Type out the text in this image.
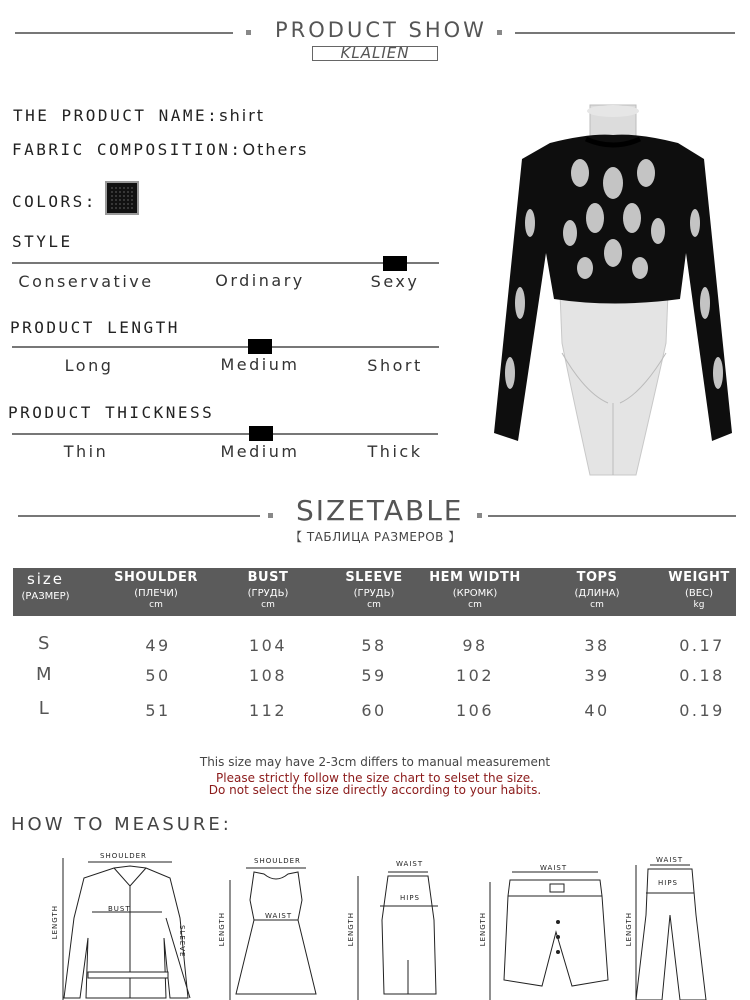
PRODUCT SHOW
KLALIEN
THE PRODUCT NAME:shirt
FABRIC COMPOSITION:Others
COLORS:
STYLE
Conservative	Ordinary	Sexy
PRODUCT LENGTH
Long	Medium	Short
PRODUCT THICKNESS
Thin	Medium	Thick
SIZETABLE
【 ТАБЛИЦА РАЗМЕРОВ 】
size
(РАЗМЕР)
SHOULDER
(ПЛЕЧИ)
cm
BUST
(ГРУДЬ)
cm
SLEEVE
(ГРУДЬ)
cm
HEM WIDTH
(КРОМК)
cm
TOPS
(ДЛИНА)
cm
WEIGHT
(ВЕС)
kg
S	49	104	58	98	38	0.17
M	50	108	59	102	39	0.18
L	51	112	60	106	40	0.19
This size may have 2-3cm differs to manual measurement
Please strictly follow the size chart to selset the size.
Do not select the size directly according to your habits.
HOW TO MEASURE:
SHOULDER
BUST
LENGTH
SLEEVE
SHOULDER
WAIST
LENGTH
WAIST
HIPS
LENGTH
WAIST
LENGTH
WAIST
HIPS
LENGTH
